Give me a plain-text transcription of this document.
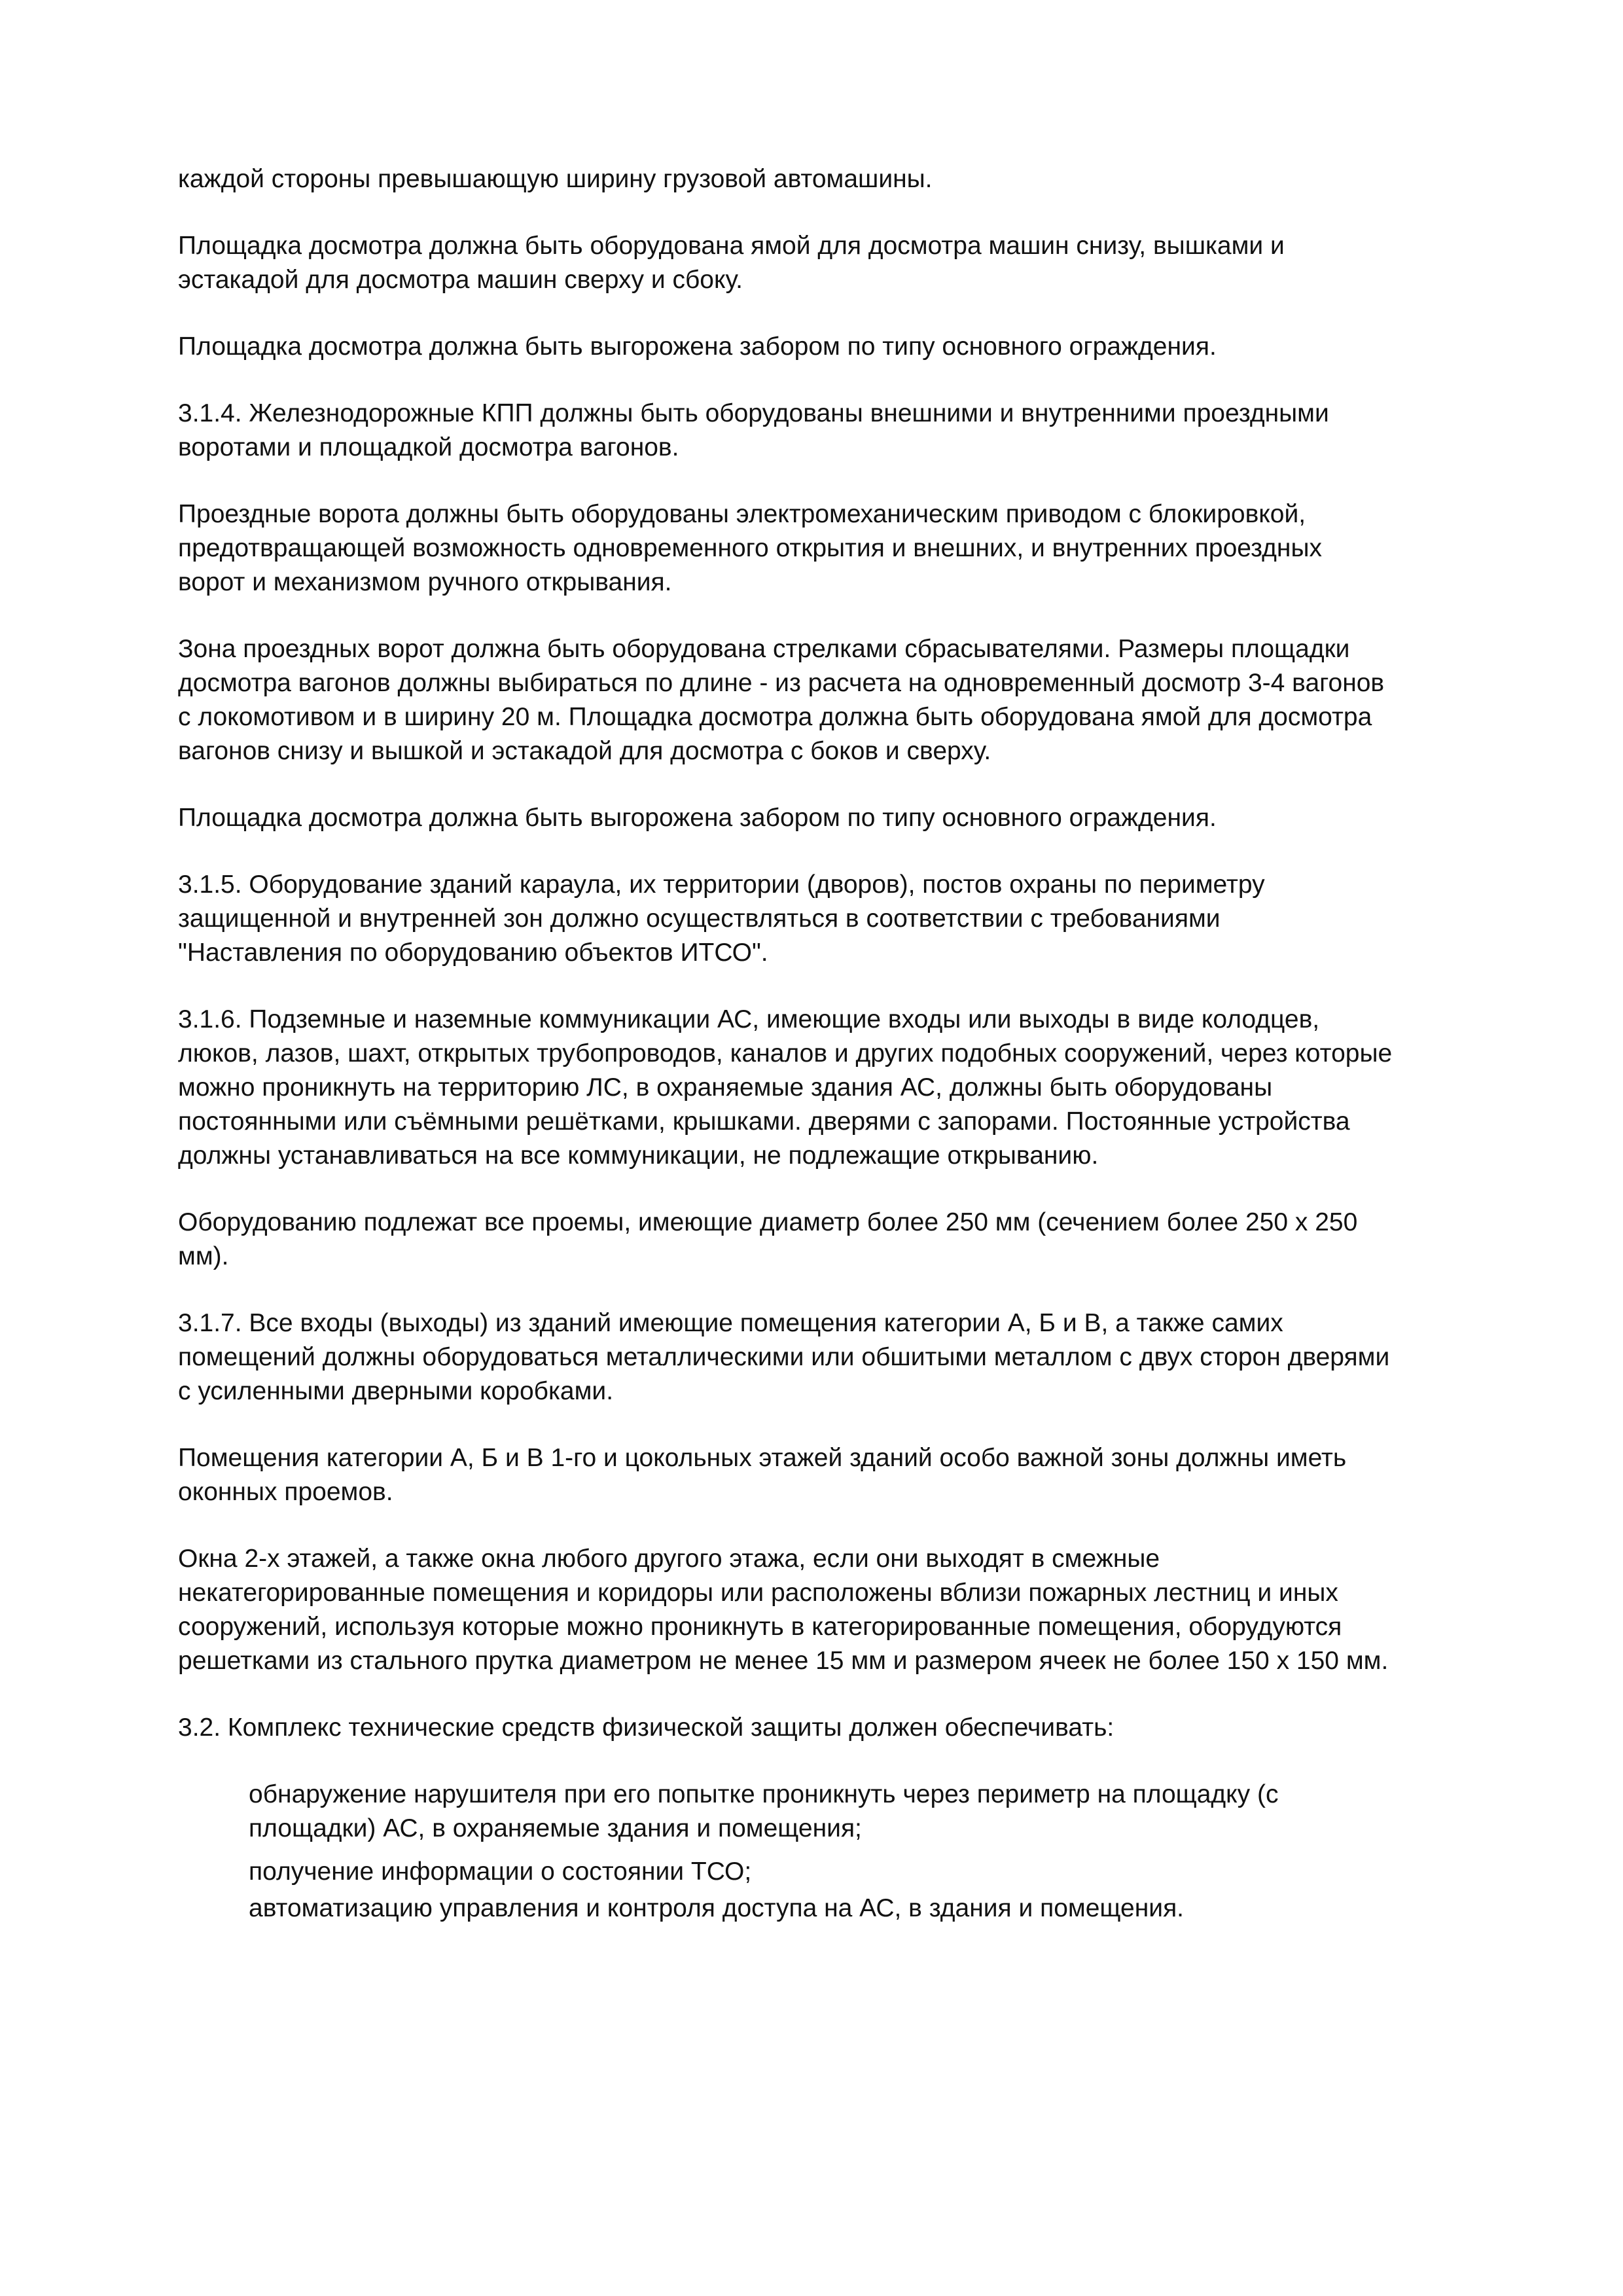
каждой стороны превышающую ширину грузовой автомашины.

Площадка досмотра должна быть оборудована ямой для досмотра машин снизу, вышками и
эстакадой для досмотра машин сверху и сбоку.

Площадка досмотра должна быть выгорожена забором по типу основного ограждения.

3.1.4. Железнодорожные КПП должны быть оборудованы внешними и внутренними проездными
воротами и площадкой досмотра вагонов.

Проездные ворота должны быть оборудованы электромеханическим приводом с блокировкой,
предотвращающей возможность одновременного открытия и внешних, и внутренних проездных
ворот и механизмом ручного открывания.

Зона проездных ворот должна быть оборудована стрелками сбрасывателями. Размеры площадки
досмотра вагонов должны выбираться по длине - из расчета на одновременный досмотр 3-4 вагонов
с локомотивом и в ширину 20 м. Площадка досмотра должна быть оборудована ямой для досмотра
вагонов снизу и вышкой и эстакадой для досмотра с боков и сверху.

Площадка досмотра должна быть выгорожена забором по типу основного ограждения.

3.1.5. Оборудование зданий караула, их территории (дворов), постов охраны по периметру
защищенной и внутренней зон должно осуществляться в соответствии с требованиями
"Наставления по оборудованию объектов ИТСО".

3.1.6. Подземные и наземные коммуникации АС, имеющие входы или выходы в виде колодцев,
люков, лазов, шахт, открытых трубопроводов, каналов и других подобных сооружений, через которые
можно проникнуть на территорию ЛС, в охраняемые здания АС, должны быть оборудованы
постоянными или съёмными решётками, крышками. дверями с запорами. Постоянные устройства
должны устанавливаться на все коммуникации, не подлежащие открыванию.

Оборудованию подлежат все проемы, имеющие диаметр более 250 мм (сечением более 250 х 250
мм).

3.1.7. Все входы (выходы) из зданий имеющие помещения категории А, Б и В, а также самих
помещений должны оборудоваться металлическими или обшитыми металлом с двух сторон дверями
с усиленными дверными коробками.

Помещения категории А, Б и В 1-го и цокольных этажей зданий особо важной зоны должны иметь
оконных проемов.

Окна 2-х этажей, а также окна любого другого этажа, если они выходят в смежные
некатегорированные помещения и коридоры или расположены вблизи пожарных лестниц и иных
сооружений, используя которые можно проникнуть в категорированные помещения, оборудуются
решетками из стального прутка диаметром не менее 15 мм и размером ячеек не более 150 х 150 мм.

3.2. Комплекс технические средств физической защиты должен обеспечивать:

обнаружение нарушителя при его попытке проникнуть через периметр на площадку (с
площадки) АС, в охраняемые здания и помещения;
получение информации о состоянии ТСО;
автоматизацию управления и контроля доступа на АС, в здания и помещения.
